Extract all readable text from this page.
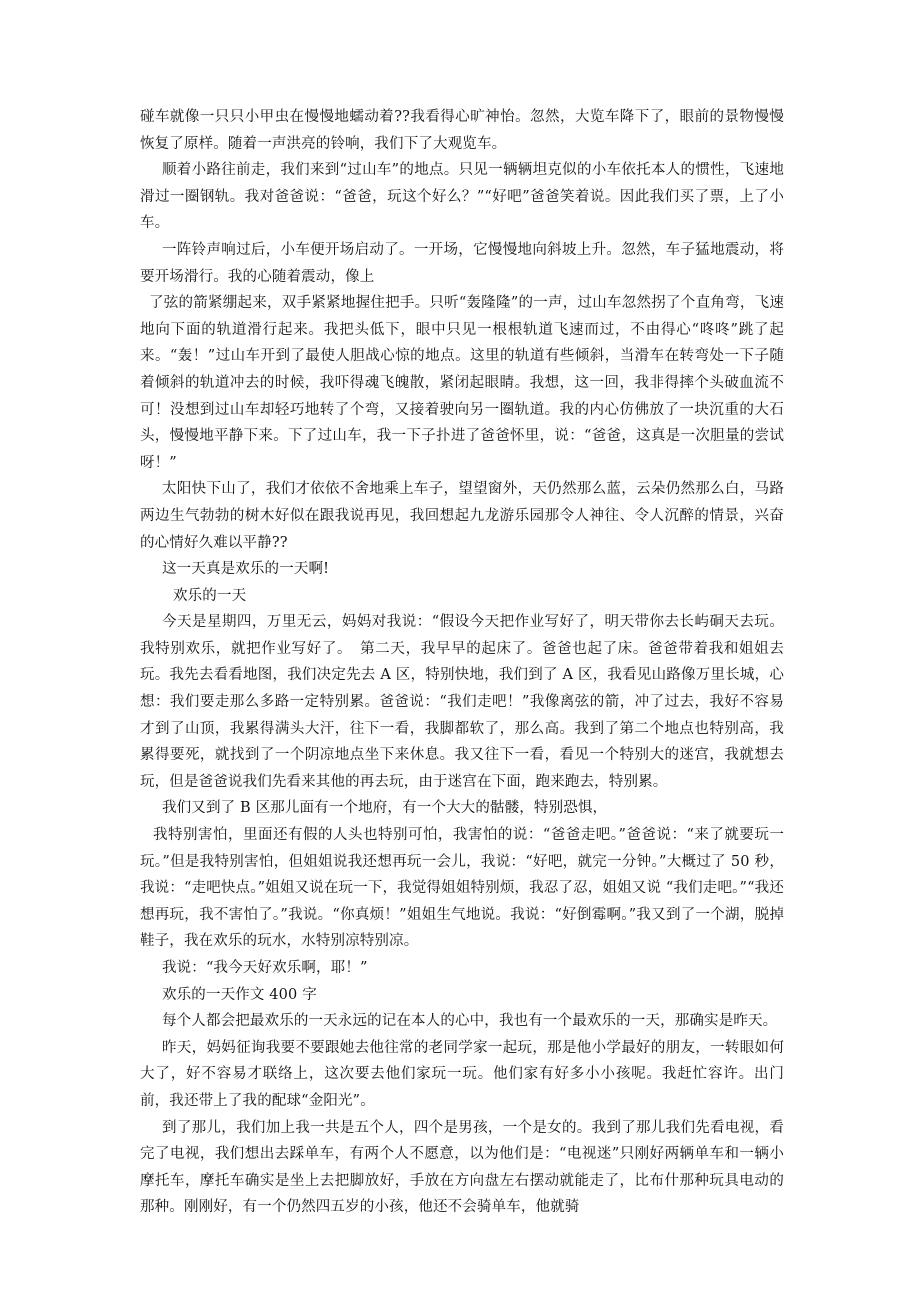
碰车就像一只只小甲虫在慢慢地蠕动着??我看得心旷神怡。忽然，大览车降下了，眼前的景物慢慢恢复了原样。随着一声洪亮的铃响，我们下了大观览车。

顺着小路往前走，我们来到“过山车”的地点。只见一辆辆坦克似的小车依托本人的惯性，飞速地滑过一圈钢轨。我对爸爸说：“爸爸，玩这个好么？”“好吧”爸爸笑着说。因此我们买了票，上了小车。

一阵铃声响过后，小车便开场启动了。一开场，它慢慢地向斜坡上升。忽然，车子猛地震动，将要开场滑行。我的心随着震动，像上

了弦的箭紧绷起来，双手紧紧地握住把手。只听“轰隆隆”的一声，过山车忽然拐了个直角弯，飞速地向下面的轨道滑行起来。我把头低下，眼中只见一根根轨道飞速而过，不由得心“咚咚”跳了起来。“轰！”过山车开到了最使人胆战心惊的地点。这里的轨道有些倾斜，当滑车在转弯处一下子随着倾斜的轨道冲去的时候，我吓得魂飞魄散，紧闭起眼睛。我想，这一回，我非得摔个头破血流不可！没想到过山车却轻巧地转了个弯，又接着驶向另一圈轨道。我的内心仿佛放了一块沉重的大石头，慢慢地平静下来。下了过山车，我一下子扑进了爸爸怀里，说：“爸爸，这真是一次胆量的尝试呀！”

太阳快下山了，我们才依依不舍地乘上车子，望望窗外，天仍然那么蓝，云朵仍然那么白，马路两边生气勃勃的树木好似在跟我说再见，我回想起九龙游乐园那令人神往、令人沉醉的情景，兴奋的心情好久难以平静??

这一天真是欢乐的一天啊!

欢乐的一天

今天是星期四，万里无云，妈妈对我说：“假设今天把作业写好了，明天带你去长屿硐天去玩。我特别欢乐，就把作业写好了。　第二天，我早早的起床了。爸爸也起了床。爸爸带着我和姐姐去玩。我先去看看地图，我们决定先去 A 区，特别快地，我们到了 A 区，我看见山路像万里长城，心想：我们要走那么多路一定特别累。爸爸说：“我们走吧！”我像离弦的箭，冲了过去，我好不容易才到了山顶，我累得满头大汗，往下一看，我脚都软了，那么高。我到了第二个地点也特别高，我累得要死，就找到了一个阴凉地点坐下来休息。我又往下一看，看见一个特别大的迷宫，我就想去玩，但是爸爸说我们先看来其他的再去玩，由于迷宫在下面，跑来跑去，特别累。

我们又到了 B 区那儿面有一个地府，有一个大大的骷髅，特别恐惧，

我特别害怕，里面还有假的人头也特别可怕，我害怕的说：“爸爸走吧。”爸爸说：“来了就要玩一玩。”但是我特别害怕，但姐姐说我还想再玩一会儿，我说：“好吧，就完一分钟。”大概过了 50 秒，我说：“走吧快点。”姐姐又说在玩一下，我觉得姐姐特别烦，我忍了忍，姐姐又说 “我们走吧。”“我还想再玩，我不害怕了。”我说。“你真烦！”姐姐生气地说。我说：“好倒霉啊。”我又到了一个湖，脱掉鞋子，我在欢乐的玩水，水特别凉特别凉。

我说：“我今天好欢乐啊，耶！”

欢乐的一天作文 400 字

每个人都会把最欢乐的一天永远的记在本人的心中，我也有一个最欢乐的一天，那确实是昨天。

昨天，妈妈征询我要不要跟她去他往常的老同学家一起玩，那是他小学最好的朋友，一转眼如何大了，好不容易才联络上，这次要去他们家玩一玩。他们家有好多小小孩呢。我赶忙容许。出门前，我还带上了我的配球“金阳光”。

到了那儿，我们加上我一共是五个人，四个是男孩，一个是女的。我到了那儿我们先看电视，看完了电视，我们想出去踩单车，有两个人不愿意，以为他们是：“电视迷”只刚好两辆单车和一辆小摩托车，摩托车确实是坐上去把脚放好，手放在方向盘左右摆动就能走了，比布什那种玩具电动的那种。刚刚好，有一个仍然四五岁的小孩，他还不会骑单车，他就骑
